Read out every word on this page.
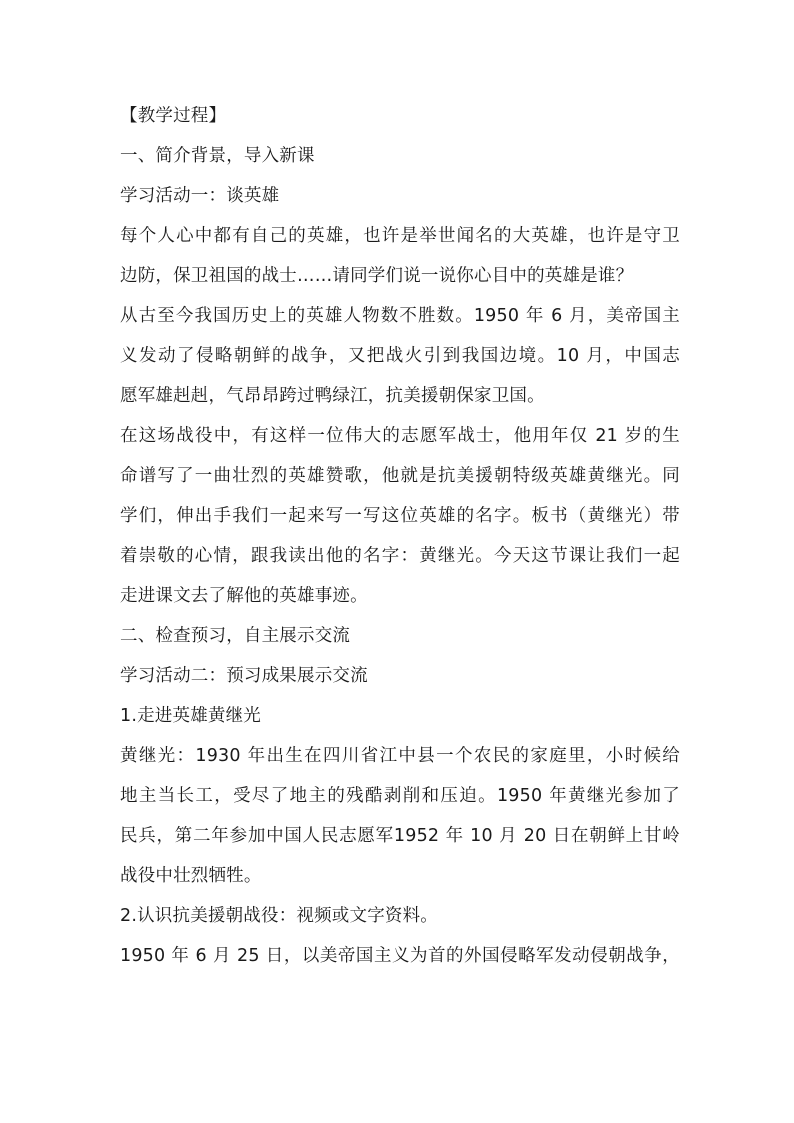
【教学过程】
一、简介背景，导入新课
学习活动一：谈英雄
每个人心中都有自己的英雄，也许是举世闻名的大英雄，也许是守卫
边防，保卫祖国的战士……请同学们说一说你心目中的英雄是谁？
从古至今我国历史上的英雄人物数不胜数。1950 年 6 月，美帝国主
义发动了侵略朝鲜的战争，又把战火引到我国边境。10 月，中国志
愿军雄赳赳，气昂昂跨过鸭绿江，抗美援朝保家卫国。
在这场战役中，有这样一位伟大的志愿军战士，他用年仅 21 岁的生
命谱写了一曲壮烈的英雄赞歌，他就是抗美援朝特级英雄黄继光。同
学们，伸出手我们一起来写一写这位英雄的名字。板书（黄继光）带
着崇敬的心情，跟我读出他的名字：黄继光。今天这节课让我们一起
走进课文去了解他的英雄事迹。
二、检查预习，自主展示交流
学习活动二：预习成果展示交流
1.走进英雄黄继光
黄继光：1930 年出生在四川省江中县一个农民的家庭里，小时候给
地主当长工，受尽了地主的残酷剥削和压迫。1950 年黄继光参加了
民兵，第二年参加中国人民志愿军1952 年 10 月 20 日在朝鲜上甘岭
战役中壮烈牺牲。
2.认识抗美援朝战役：视频或文字资料。
1950 年 6 月 25 日，以美帝国主义为首的外国侵略军发动侵朝战争，
